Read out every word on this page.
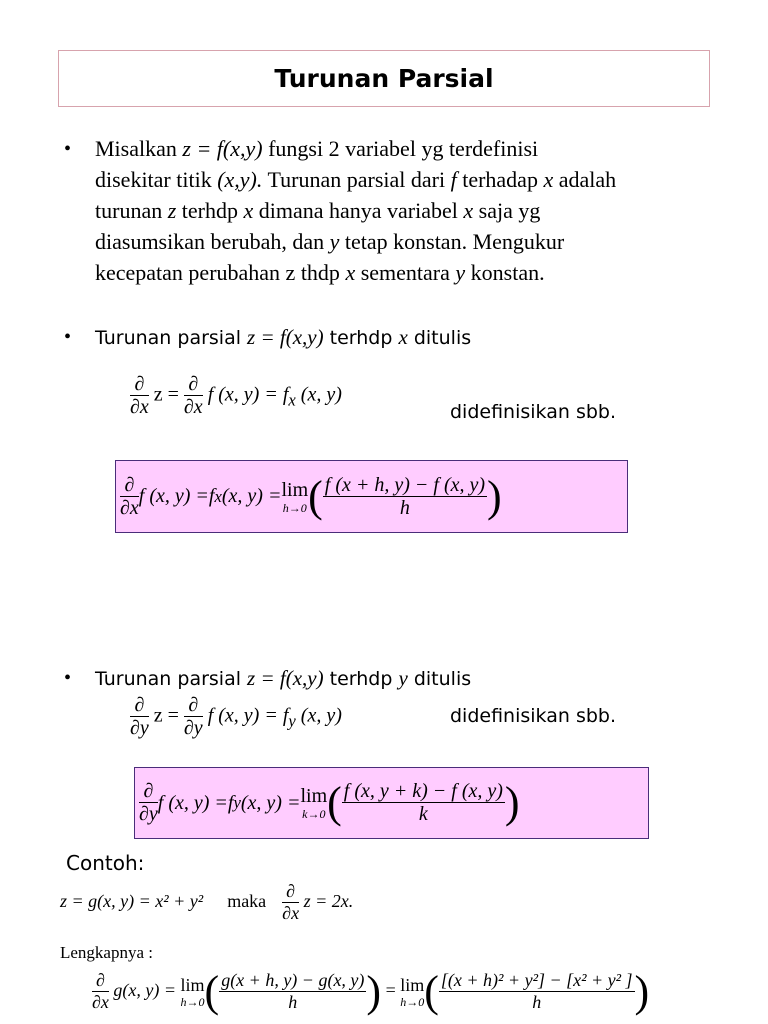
Turunan Parsial
• Misalkan z = f(x,y) fungsi 2 variabel yg terdefinisi
disekitar titik (x,y). Turunan parsial dari f terhadap x adalah
turunan z terhdp x dimana hanya variabel x saja yg
diasumsikan berubah, dan y tetap konstan. Mengukur
kecepatan perubahan z thdp x sementara y konstan.
• Turunan parsial z = f(x,y) terhdp x ditulis
$\frac{\partial}{\partial x}$ $z = \frac{\partial}{\partial x}$ f (x, $y) = f_x$ (x, y)
didefinisikan sbb.
$\frac{\partial}{\partial x}$ f (x, y) = f x (x, y) = lim
h→0 ( $\frac{f (x + h, y) - f (x, y)}{h}$ )
• Turunan parsial z = f(x,y) terhdp y ditulis
$\frac{\partial}{\partial y}$ $z = \frac{\partial}{\partial y}$ f (x, $y) = f_y$ (x, y)	didefinisikan sbb.
$\frac{\partial}{\partial y}$ f (x, y) = f y (x, y) = lim
k→0 ( $\frac{f (x, y + k) - f (x, y)}{k}$ )
Contoh:
z = g(x, y) = x² + y² maka $\frac{\partial}{\partial x}$ z = 2x.
Lengkapnya :
$\frac{\partial}{\partial x} g(x$, y) = lim
h→0 ( $\frac{g(x + h, y) - g(x, y)}{h}) = \lim$
h→0 ( $\frac{\text{[(x + h)² + y²] − [x² + y² ]}}{h}$)
